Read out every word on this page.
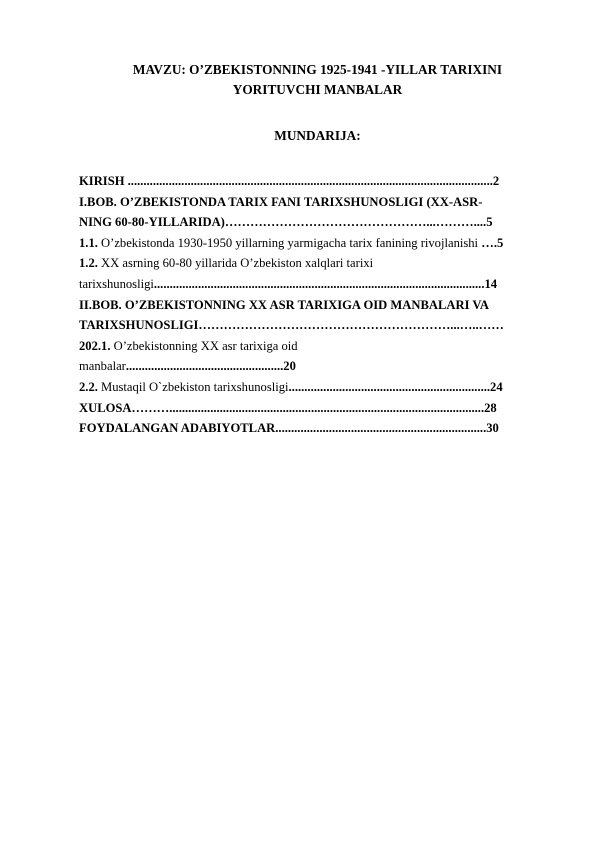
MAVZU: O’ZBEKISTONNING 1925-1941 -YILLAR TARIXINI
YORITUVCHI MANBALAR
MUNDARIJA:
KIRISH ....................................................................................................................2
I.BOB. O’ZBEKISTONDA TARIX FANI TARIXSHUNOSLIGI (XX-ASR-
NING 60-80-YILLARIDA)…………………………………………...………....5
1.1. O’zbekistonda 1930-1950 yillarning yarmigacha tarix fanining rivojlanishi ….5
1.2. XX asrning 60-80 yillarida O’zbekiston xalqlari tarixi
tarixshunosligi.........................................................................................................14
II.BOB. O’ZBEKISTONNING XX ASR TARIXIGA OID MANBALARI VA
TARIXSHUNOSLIGI……………………………………………………...…..……
202.1. O’zbekistonning XX asr tarixiga oid
manbalar..................................................20
2.2. Mustaqil O`zbekiston tarixshunosligi................................................................24
XULOSA………....................................................................................................28
FOYDALANGAN ADABIYOTLAR...................................................................30
